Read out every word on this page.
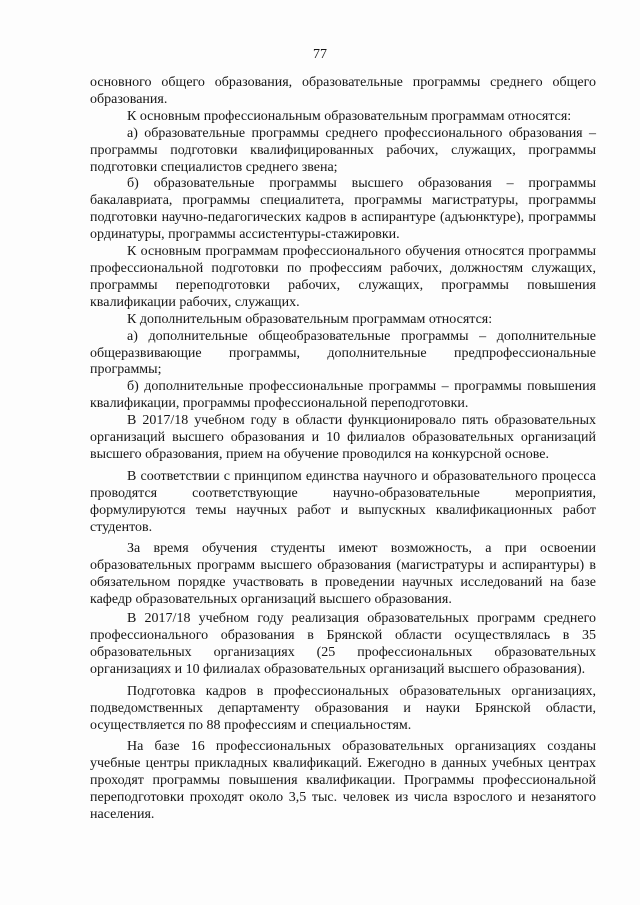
77

основного общего образования, образовательные программы среднего общего образования.

К основным профессиональным образовательным программам относятся:

а) образовательные программы среднего профессионального образования – программы подготовки квалифицированных рабочих, служащих, программы подготовки специалистов среднего звена;

б) образовательные программы высшего образования – программы бакалавриата, программы специалитета, программы магистратуры, программы подготовки научно-педагогических кадров в аспирантуре (адъюнктуре), программы ординатуры, программы ассистентуры-стажировки.

К основным программам профессионального обучения относятся программы профессиональной подготовки по профессиям рабочих, должностям служащих, программы переподготовки рабочих, служащих, программы повышения квалификации рабочих, служащих.

К дополнительным образовательным программам относятся:

а) дополнительные общеобразовательные программы – дополнительные общеразвивающие программы, дополнительные предпрофессиональные программы;

б) дополнительные профессиональные программы – программы повышения квалификации, программы профессиональной переподготовки.

В 2017/18 учебном году в области функционировало пять образовательных организаций высшего образования и 10 филиалов образовательных организаций высшего образования, прием на обучение проводился на конкурсной основе.

В соответствии с принципом единства научного и образовательного процесса проводятся соответствующие научно-образовательные мероприятия, формулируются темы научных работ и выпускных квалификационных работ студентов.

За время обучения студенты имеют возможность, а при освоении образовательных программ высшего образования (магистратуры и аспирантуры) в обязательном порядке участвовать в проведении научных исследований на базе кафедр образовательных организаций высшего образования.

В 2017/18 учебном году реализация образовательных программ среднего профессионального образования в Брянской области осуществлялась в 35 образовательных организациях (25 профессиональных образовательных организациях и 10 филиалах образовательных организаций высшего образования).

Подготовка кадров в профессиональных образовательных организациях, подведомственных департаменту образования и науки Брянской области, осуществляется по 88 профессиям и специальностям.

На базе 16 профессиональных образовательных организациях созданы учебные центры прикладных квалификаций. Ежегодно в данных учебных центрах проходят программы повышения квалификации. Программы профессиональной переподготовки проходят около 3,5 тыс. человек из числа взрослого и незанятого населения.
